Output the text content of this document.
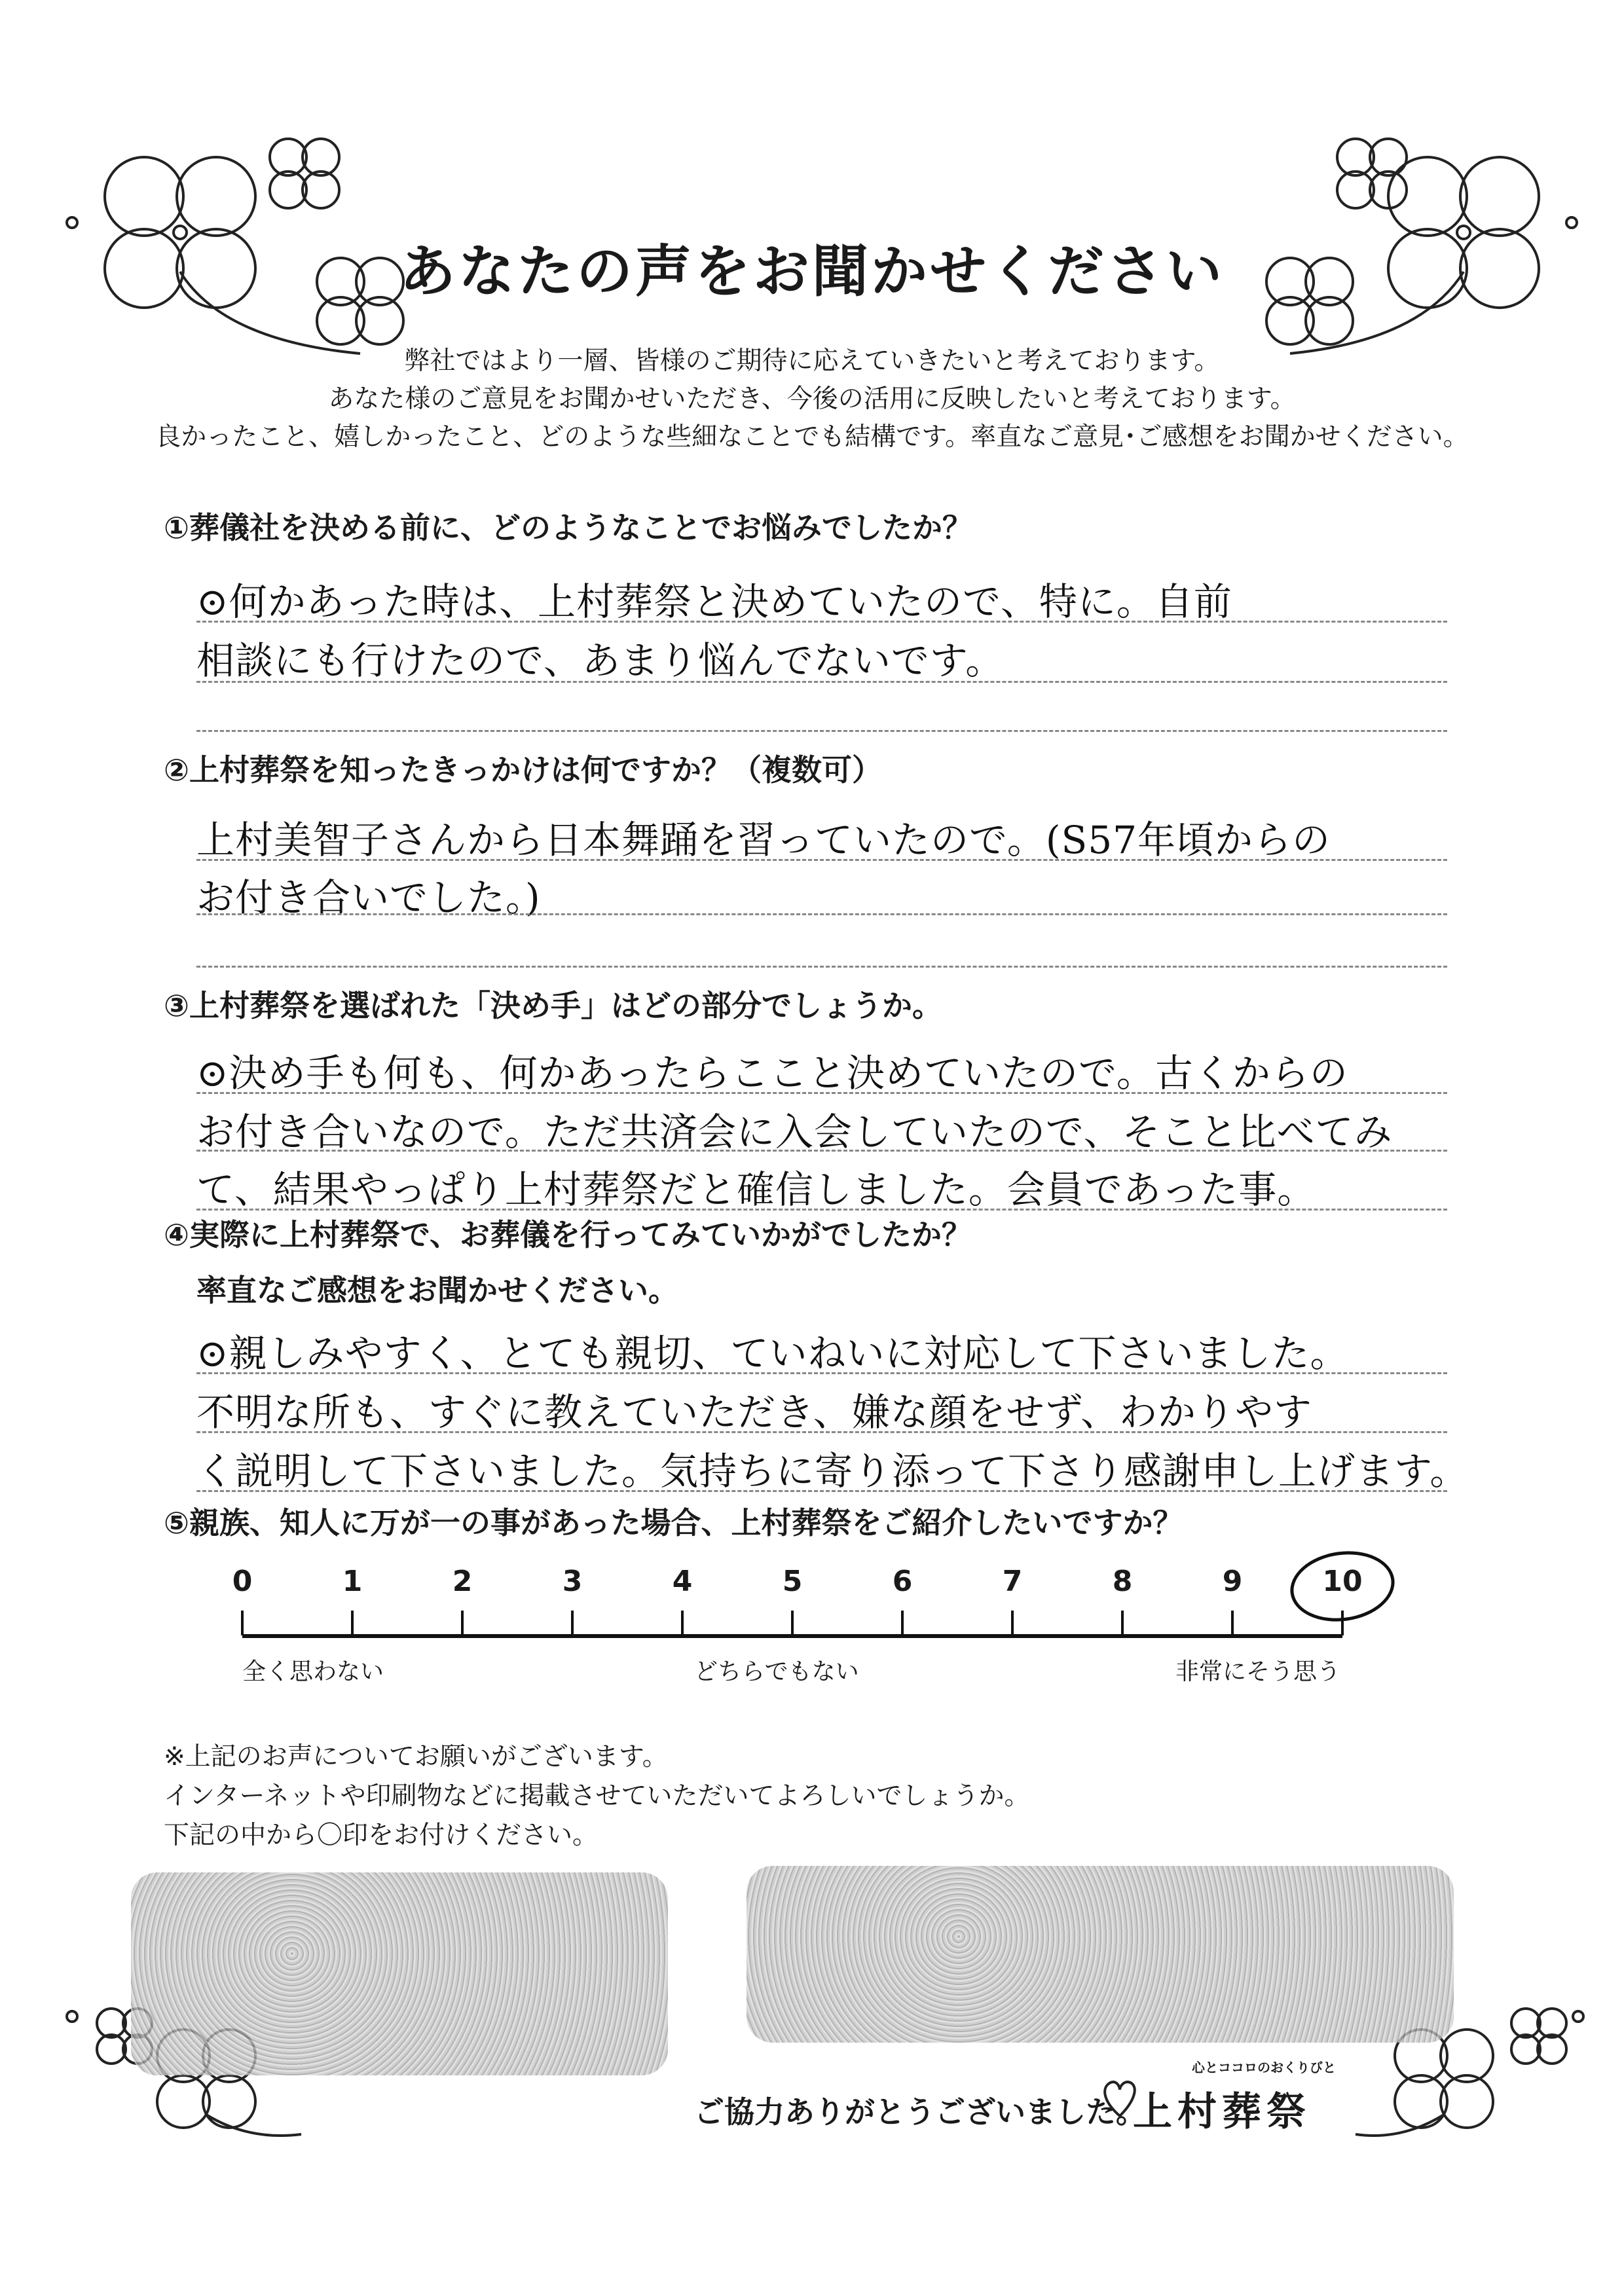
あなたの声をお聞かせください
弊社ではより一層、皆様のご期待に応えていきたいと考えております。
あなた様のご意見をお聞かせいただき、今後の活用に反映したいと考えております。
良かったこと、嬉しかったこと、どのような些細なことでも結構です。率直なご意見･ご感想をお聞かせください。
①葬儀社を決める前に、どのようなことでお悩みでしたか？
⊙何かあった時は、上村葬祭と決めていたので、特に。自前
相談にも行けたので、あまり悩んでないです。
②上村葬祭を知ったきっかけは何ですか？（複数可）
上村美智子さんから日本舞踊を習っていたので。(S57年頃からの
お付き合いでした。)
③上村葬祭を選ばれた「決め手」はどの部分でしょうか。
⊙決め手も何も、何かあったらここと決めていたので。古くからの
お付き合いなので。ただ共済会に入会していたので、そこと比べてみ
て、結果やっぱり上村葬祭だと確信しました。会員であった事。
④実際に上村葬祭で、お葬儀を行ってみていかがでしたか？
率直なご感想をお聞かせください。
⊙親しみやすく、とても親切、ていねいに対応して下さいました。
不明な所も、すぐに教えていただき、嫌な顔をせず、わかりやす
く説明して下さいました。気持ちに寄り添って下さり感謝申し上げます。
⑤親族、知人に万が一の事があった場合、上村葬祭をご紹介したいですか？
0	1	2	3	4	5	6	7	8	9	10
全く思わない	どちらでもない	非常にそう思う
※上記のお声についてお願いがございます。
インターネットや印刷物などに掲載させていただいてよろしいでしょうか。
下記の中から〇印をお付けください。
ご協力ありがとうございました。
心とココロのおくりびと
上村葬祭
